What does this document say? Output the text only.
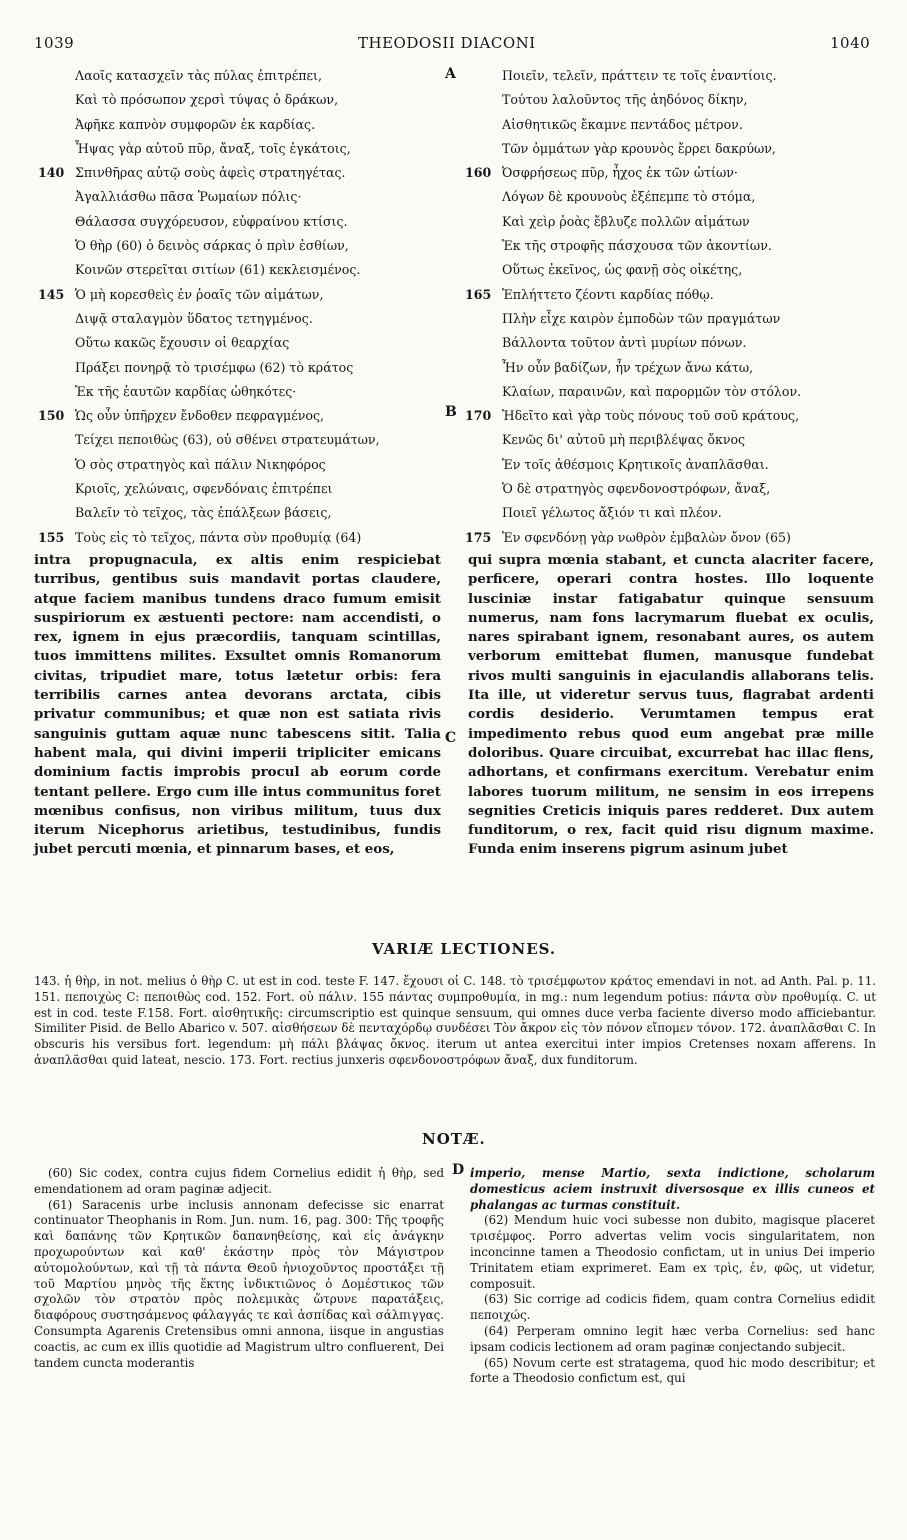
1039	THEODOSII DIACONI	1040
Λαοῖς κατασχεῖν τὰς πύλας ἐπιτρέπει,
Καὶ τὸ πρόσωπον χερσὶ τύψας ὁ δράκων,
Ἀφῆκε καπνὸν συμφορῶν ἐκ καρδίας.
Ἧψας γὰρ αὐτοῦ πῦρ, ἄναξ, τοῖς ἐγκάτοις,
140 Σπινθῆρας αὐτῷ σοὺς ἀφεὶς στρατηγέτας.
Ἀγαλλιάσθω πᾶσα Ῥωμαίων πόλις·
Θάλασσα συγχόρευσον, εὐφραίνου κτίσις.
Ὁ θὴρ (60) ὁ δεινὸς σάρκας ὁ πρὶν ἐσθίων,
Κοινῶν στερεῖται σιτίων (61) κεκλεισμένος.
145 Ὁ μὴ κορεσθεὶς ἐν ῥοαῖς τῶν αἱμάτων,
Διψᾷ σταλαγμὸν ὕδατος τετηγμένος.
Οὕτω κακῶς ἔχουσιν οἱ θεαρχίας
Πράξει πονηρᾷ τὸ τρισέμφω (62) τὸ κράτος
Ἐκ τῆς ἑαυτῶν καρδίας ὠθηκότες·
150 Ὡς οὖν ὑπῆρχεν ἔνδοθεν πεφραγμένος,
Τείχει πεποιθὼς (63), οὐ σθένει στρατευμάτων,
Ὁ σὸς στρατηγὸς καὶ πάλιν Νικηφόρος
Κριοῖς, χελώναις, σφενδόναις ἐπιτρέπει
Βαλεῖν τὸ τεῖχος, τὰς ἐπάλξεων βάσεις,
155 Τοὺς εἰς τὸ τεῖχος, πάντα σὺν προθυμίᾳ (64)
Ποιεῖν, τελεῖν, πράττειν τε τοῖς ἐναντίοις.
Τούτου λαλοῦντος τῆς ἀηδόνος δίκην,
Αἰσθητικῶς ἔκαμνε πεντάδος μέτρον.
Τῶν ὀμμάτων γὰρ κρουνὸς ἔρρει δακρύων,
160 Ὀσφρήσεως πῦρ, ἦχος ἐκ τῶν ὠτίων·
Λόγων δὲ κρουνοὺς ἐξέπεμπε τὸ στόμα,
Καὶ χεὶρ ῥοὰς ἔβλυζε πολλῶν αἱμάτων
Ἐκ τῆς στροφῆς πάσχουσα τῶν ἀκοντίων.
Οὕτως ἐκεῖνος, ὡς φανῇ σὸς οἰκέτης,
165 Ἐπλήττετο ζέοντι καρδίας πόθῳ.
Πλὴν εἶχε καιρὸν ἐμποδὼν τῶν πραγμάτων
Βάλλοντα τοῦτον ἀντὶ μυρίων πόνων.
Ἦν οὖν βαδίζων, ἦν τρέχων ἄνω κάτω,
Κλαίων, παραινῶν, καὶ παρορμῶν τὸν στόλον.
170 Ἠδεῖτο καὶ γὰρ τοὺς πόνους τοῦ σοῦ κράτους,
Κενῶς δι' αὐτοῦ μὴ περιβλέψας ὄκνος
Ἐν τοῖς ἀθέσμοις Κρητικοῖς ἀναπλᾶσθαι.
Ὁ δὲ στρατηγὸς σφενδονοστρόφων, ἄναξ,
Ποιεῖ γέλωτος ἄξιόν τι καὶ πλέον.
175 Ἐν σφενδόνῃ γὰρ νωθρὸν ἐμβαλὼν ὄνον (65)
A
B
C
D
intra propugnacula, ex altis enim respiciebat turribus, gentibus suis mandavit portas claudere, atque faciem manibus tundens draco fumum emisit suspiriorum ex æstuenti pectore: nam accendisti, o rex, ignem in ejus præcordiis, tanquam scintillas, tuos immittens milites. Exsultet omnis Romanorum civitas, tripudiet mare, totus lætetur orbis: fera terribilis carnes antea devorans arctata, cibis privatur communibus; et quæ non est satiata rivis sanguinis guttam aquæ nunc tabescens sitit. Talia habent mala, qui divini imperii tripliciter emicans dominium factis improbis procul ab eorum corde tentant pellere. Ergo cum ille intus communitus foret mœnibus confisus, non viribus militum, tuus dux iterum Nicephorus arietibus, testudinibus, fundis jubet percuti mœnia, et pinnarum bases, et eos,
qui supra mœnia stabant, et cuncta alacriter facere, perficere, operari contra hostes. Illo loquente lusciniæ instar fatigabatur quinque sensuum numerus, nam fons lacrymarum fluebat ex oculis, nares spirabant ignem, resonabant aures, os autem verborum emittebat flumen, manusque fundebat rivos multi sanguinis in ejaculandis allaborans telis. Ita ille, ut videretur servus tuus, flagrabat ardenti cordis desiderio. Verumtamen tempus erat impedimento rebus quod eum angebat præ mille doloribus. Quare circuibat, excurrebat hac illac flens, adhortans, et confirmans exercitum. Verebatur enim labores tuorum militum, ne sensim in eos irrepens segnities Creticis iniquis pares redderet. Dux autem funditorum, o rex, facit quid risu dignum maxime. Funda enim inserens pigrum asinum jubet
VARIÆ LECTIONES.
143. ἡ θὴρ, in not. melius ὁ θὴρ C. ut est in cod. teste F. 147. ἔχουσι οἱ C. 148. τὸ τρισέμφωτον κράτος emendavi in not. ad Anth. Pal. p. 11. 151. πεποιχὼς C: πεποιθὼς cod. 152. Fort. οὐ πάλιν. 155 πάντας συμπροθυμία, in mg.: num legendum potius: πάντα σὺν προθυμίᾳ. C. ut est in cod. teste F.158. Fort. αἰσθητικῆς: circumscriptio est quinque sensuum, qui omnes duce verba faciente diverso modo afficiebantur. Similiter Pisid. de Bello Abarico v. 507. αἰσθήσεων δὲ πενταχόρδῳ συνδέσει Τὸν ἄκρον εἰς τὸν πόνον εἴπομεν τόνον. 172. ἀναπλᾶσθαι C. In obscuris his versibus fort. legendum: μὴ πάλι βλάψας ὄκνος. iterum ut antea exercitui inter impios Cretenses noxam afferens. In ἀναπλᾶσθαι quid lateat, nescio. 173. Fort. rectius junxeris σφενδονοστρόφων ἄναξ, dux funditorum.
NOTÆ.

(60) Sic codex, contra cujus fidem Cornelius edidit ἡ θὴρ, sed emendationem ad oram paginæ adjecit.

(61) Saracenis urbe inclusis annonam defecisse sic enarrat continuator Theophanis in Rom. Jun. num. 16, pag. 300: Τῆς τροφῆς καὶ δαπάνης τῶν Κρητικῶν δαπανηθείσης, καὶ εἰς ἀνάγκην προχωρούντων καὶ καθ' ἑκάστην πρὸς τὸν Μάγιστρον αὐτομολούντων, καὶ τῇ τὰ πάντα Θεοῦ ἡνιοχοῦντος προστάξει τῇ τοῦ Μαρτίου μηνὸς τῆς ἕκτης ἰνδικτιῶνος ὁ Δομέστικος τῶν σχολῶν τὸν στρατὸν πρὸς πολεμικὰς ὥτρυνε παρατάξεις, διαφόρους συστησάμενος φάλαγγάς τε καὶ ἀσπίδας καὶ σάλπιγγας. Consumpta Agarenis Cretensibus omni annona, iisque in angustias coactis, ac cum ex illis quotidie ad Magistrum ultro confluerent, Dei tandem cuncta moderantis

imperio, mense Martio, sexta indictione, scholarum domesticus aciem instruxit diversosque ex illis cuneos et phalangas ac turmas constituit.

(62) Mendum huic voci subesse non dubito, magisque placeret τρισέμφος. Porro advertas velim vocis singularitatem, non inconcinne tamen a Theodosio confictam, ut in unius Dei imperio Trinitatem etiam exprimeret. Eam ex τρὶς, ἐν, φῶς, ut videtur, composuit.

(63) Sic corrige ad codicis fidem, quam contra Cornelius edidit πεποιχώς.

(64) Perperam omnino legit hæc verba Cornelius: sed hanc ipsam codicis lectionem ad oram paginæ conjectando subjecit.

(65) Novum certe est stratagema, quod hic modo describitur; et forte a Theodosio confictum est, qui
